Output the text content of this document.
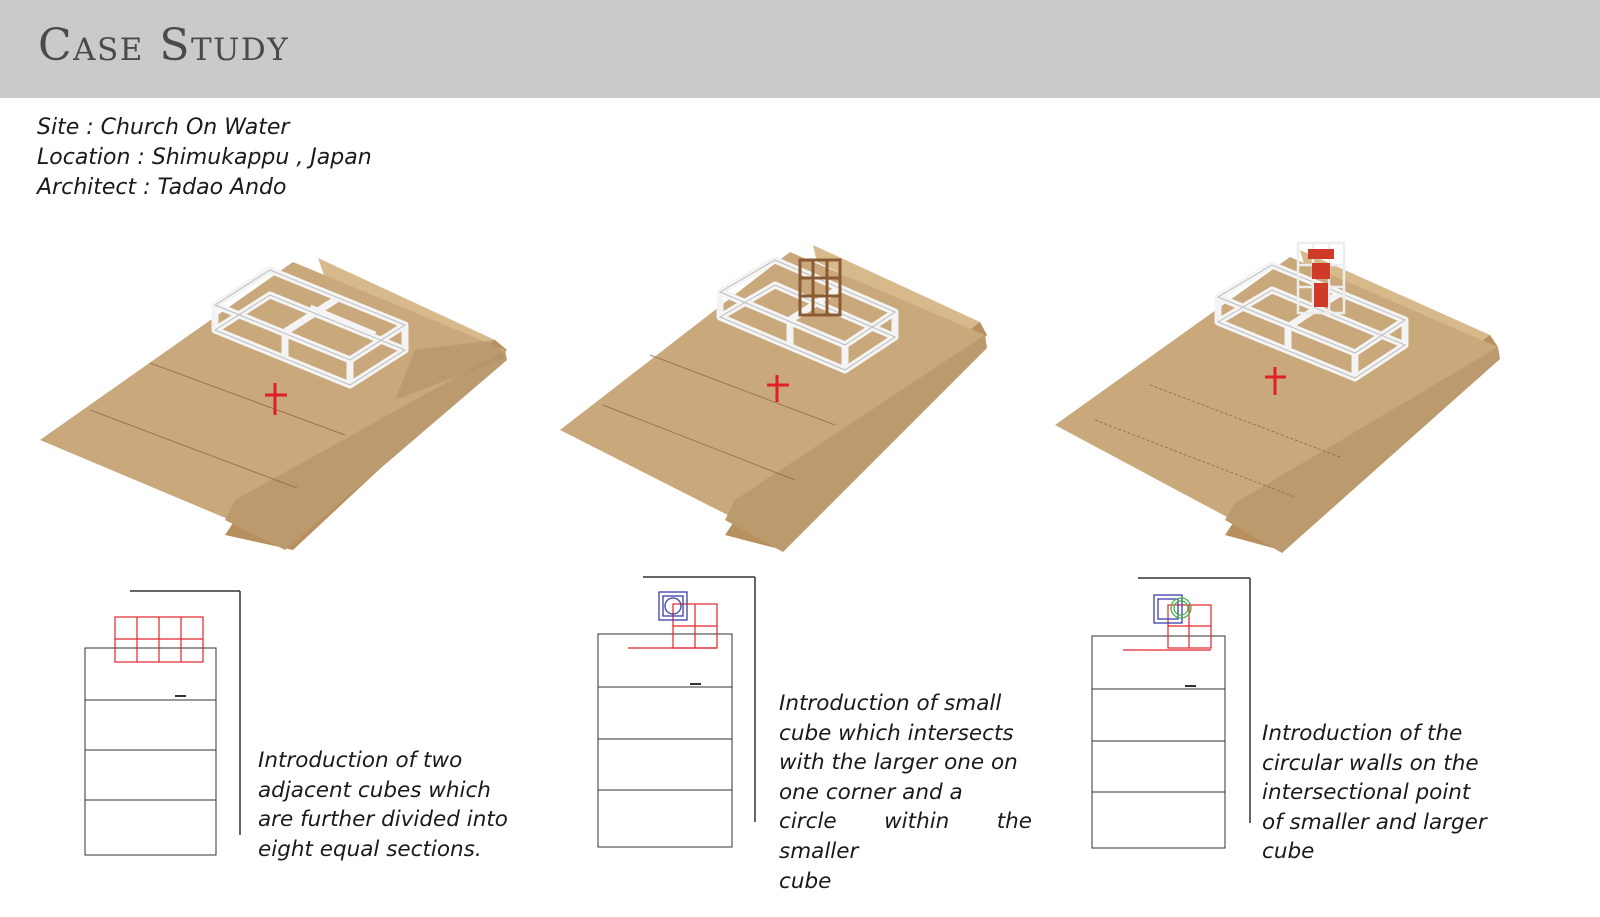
Case Study
Site : Church On Water
Location : Shimukappu , Japan
Architect : Tadao Ando
Introduction of two
adjacent cubes which
are further divided into
eight equal sections.
Introduction of small
cube which intersects
with the larger one on
one corner and a
circle within the smaller
cube
Introduction of the
circular walls on the
intersectional point
of smaller and larger
cube
